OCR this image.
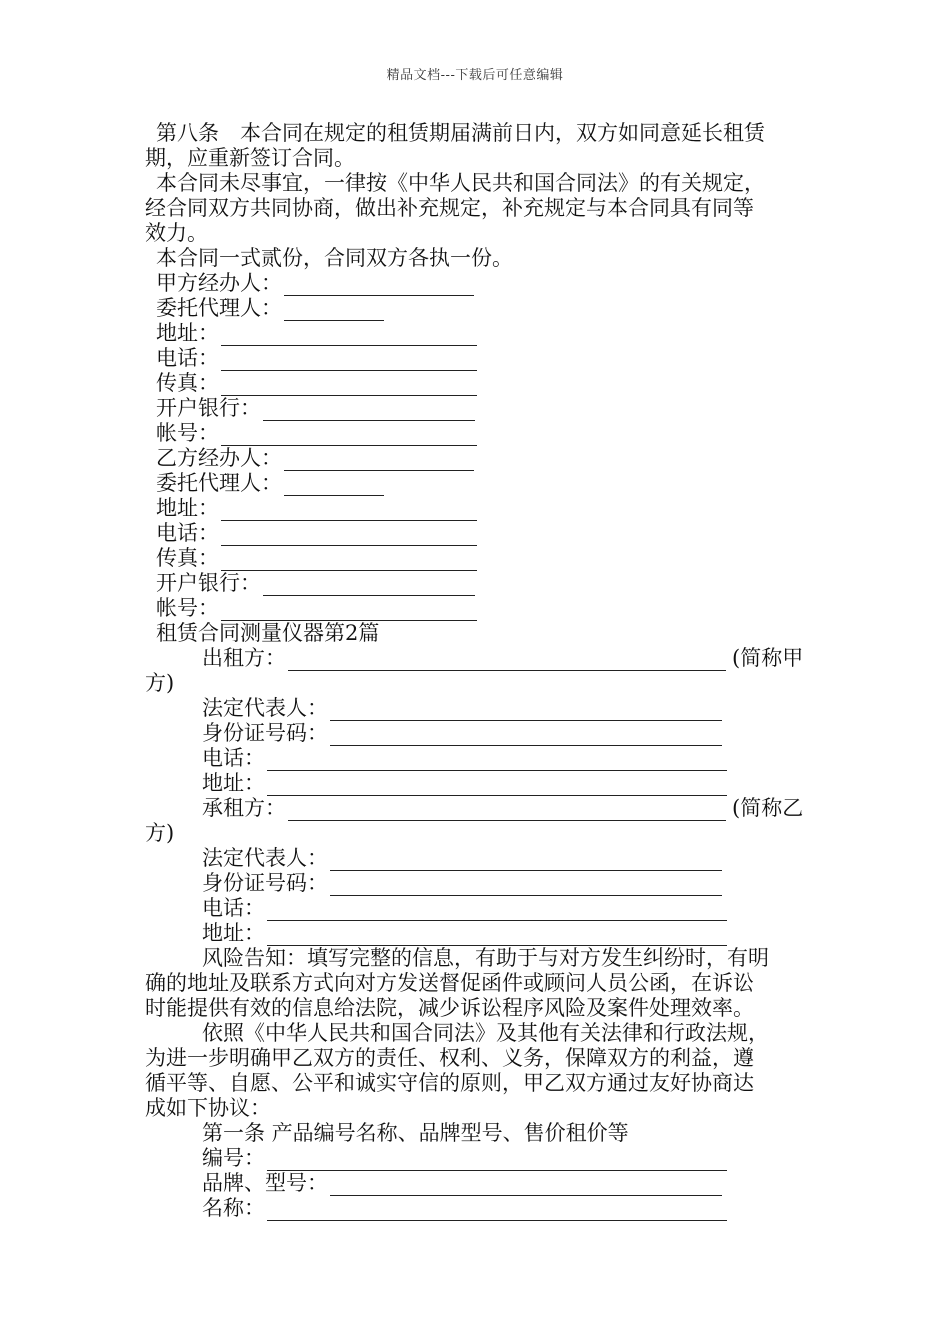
精品文档---下载后可任意编辑
第八条　本合同在规定的租赁期届满前日内，双方如同意延长租赁
期，应重新签订合同。
本合同未尽事宜，一律按《中华人民共和国合同法》的有关规定，
经合同双方共同协商，做出补充规定，补充规定与本合同具有同等
效力。
本合同一式贰份，合同双方各执一份。
甲方经办人：
委托代理人：
地址：
电话：
传真：
开户银行：
帐号：
乙方经办人：
委托代理人：
地址：
电话：
传真：
开户银行：
帐号：
租赁合同测量仪器第2篇
出租方：	(简称甲
方)
法定代表人：
身份证号码：
电话：
地址：
承租方：	(简称乙
方)
法定代表人：
身份证号码：
电话：
地址：
风险告知：填写完整的信息，有助于与对方发生纠纷时，有明
确的地址及联系方式向对方发送督促函件或顾问人员公函，在诉讼
时能提供有效的信息给法院，减少诉讼程序风险及案件处理效率。
依照《中华人民共和国合同法》及其他有关法律和行政法规，
为进一步明确甲乙双方的责任、权利、义务，保障双方的利益，遵
循平等、自愿、公平和诚实守信的原则，甲乙双方通过友好协商达
成如下协议：
第一条 产品编号名称、品牌型号、售价租价等
编号：
品牌、型号：
名称：
